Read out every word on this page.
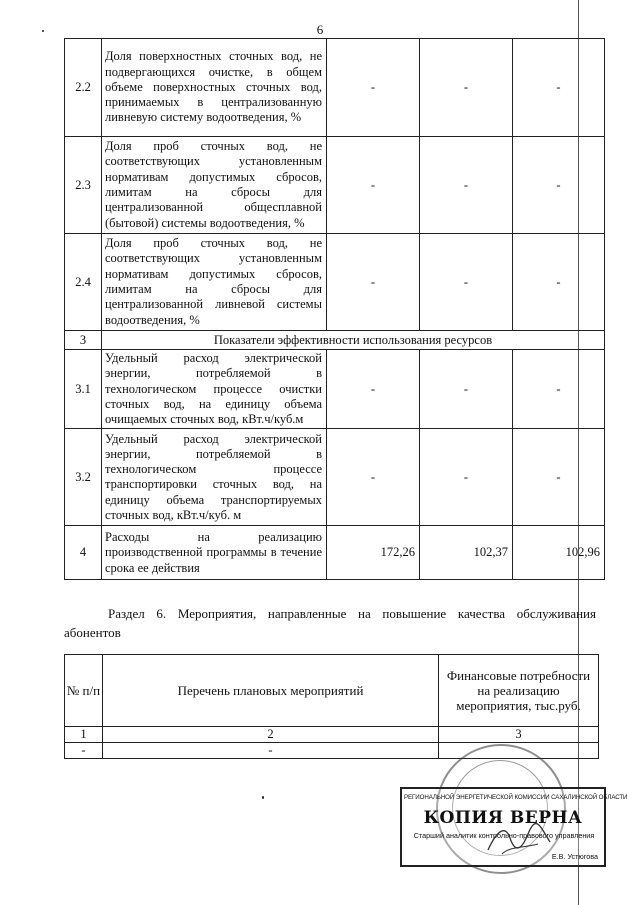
6
2.2	Доля поверхностных сточных вод, не подвергающихся очистке, в общем объеме поверхностных сточных вод, принимаемых в централизованную ливневую систему водоотведения, %	-	-	-
2.3	Доля проб сточных вод, не соответствующих установленным нормативам допустимых сбросов, лимитам на сбросы для централизованной общесплавной (бытовой) системы водоотведения, %	-	-	-
2.4	Доля проб сточных вод, не соответствующих установленным нормативам допустимых сбросов, лимитам на сбросы для централизованной ливневой системы водоотведения, %	-	-	-
3	Показатели эффективности использования ресурсов			
3.1	Удельный расход электрической энергии, потребляемой в технологическом процессе очистки сточных вод, на единицу объема очищаемых сточных вод, кВт.ч/куб.м	-	-	-
3.2	Удельный расход электрической энергии, потребляемой в технологическом процессе транспортировки сточных вод, на единицу объема транспортируемых сточных вод, кВт.ч/куб. м	-	-	-
4	Расходы на реализацию производственной программы в течение срока ее действия	172,26	102,37	102,96
Раздел 6. Мероприятия, направленные на повышение качества обслуживания абонентов
№ п/п	Перечень плановых мероприятий	Финансовые потребности на реализацию мероприятия, тыс.руб.
1	2	3
-	-	
РЕГИОНАЛЬНОЙ ЭНЕРГЕТИЧЕСКОЙ КОМИССИИ САХАЛИНСКОЙ ОБЛАСТИ
КОПИЯ ВЕРНА
Старший аналитик контрольно-правового управления
Е.В. Устюгова
